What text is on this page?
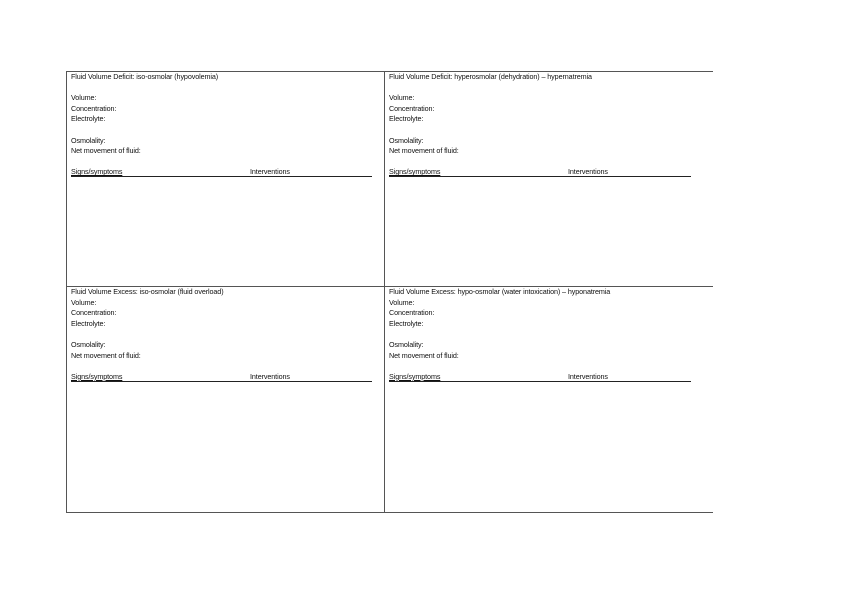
Fluid Volume Deficit: iso-osmolar (hypovolemia)
Volume:
Concentration:
Electrolyte:
Osmolality:
Net movement of fluid:
Signs/symptoms	Interventions
Fluid Volume Deficit: hyperosmolar (dehydration) – hypernatremia
Volume:
Concentration:
Electrolyte:
Osmolality:
Net movement of fluid:
Signs/symptoms	Interventions
Fluid Volume Excess: iso-osmolar (fluid overload)
Volume:
Concentration:
Electrolyte:
Osmolality:
Net movement of fluid:
Signs/symptoms	Interventions
Fluid Volume Excess: hypo-osmolar (water intoxication) – hyponatremia
Volume:
Concentration:
Electrolyte:
Osmolality:
Net movement of fluid:
Signs/symptoms	Interventions
